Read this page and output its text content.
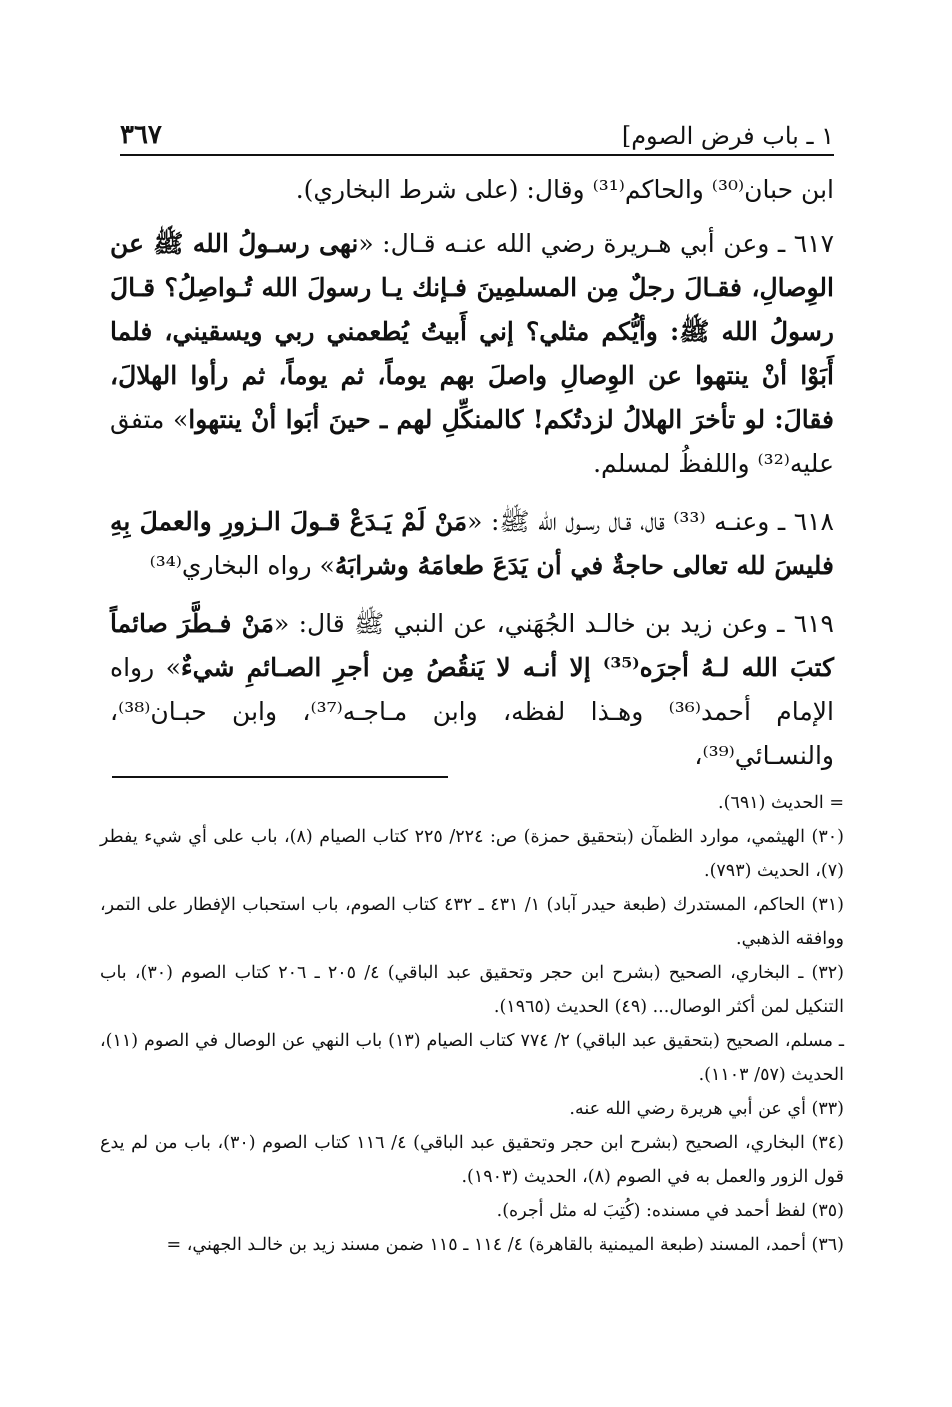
١ ـ باب فرض الصوم]
٣٦٧

ابن حبان⁽³⁰⁾ والحاكم⁽³¹⁾ وقال: (على شرط البخاري).

٦١٧ ـ وعن أبي هـريرة رضي الله عنـه قـال: «نهى رسـولُ الله ﷺ عن الوِصالِ، فقـالَ رجلٌ مِن المسلمِينَ فـإنك يـا رسولَ الله تُـواصِلُ؟ قـالَ رسولُ الله ﷺ: وأيُّكم مثلي؟ إني أَبيتُ يُطعمني ربي ويسقيني، فلما أَبَوْا أنْ ينتهوا عن الوِصالِ واصلَ بهم يوماً، ثم يوماً، ثم رأوا الهلالَ، فقالَ: لو تأخرَ الهلالُ لزدتُكم! كالمنكِّلِ لهم ـ حينَ أبَوا أنْ ينتهوا» متفق عليه⁽³²⁾ واللفظُ لمسلم.

٦١٨ ـ وعنـه ⁽³³⁾ قال، قـال رسـول الله ﷺ: «مَنْ لَمْ يَـدَعْ قـولَ الـزورِ والعملَ بِهِ فليسَ لله تعالى حاجةٌ في أن يَدَعَ طعامَهُ وشرابَهُ» رواه البخاري⁽³⁴⁾

٦١٩ ـ وعن زيد بن خالـد الجُهَني، عن النبي ﷺ قال: «مَنْ فـطَّرَ صائماً كتبَ الله لـهُ أجرَه⁽³⁵⁾ إلا أنـه لا يَنقُصُ مِن أجرِ الصـائمِ شيءٌ» رواه الإمام أحمد⁽³⁶⁾ وهـذا لفظه، وابن مـاجـه⁽³⁷⁾، وابن حبـان⁽³⁸⁾، والنسـائي⁽³⁹⁾،

= الحديث (٦٩١).

(٣٠) الهيثمي، موارد الظمآن (بتحقيق حمزة) ص: ٢٢٤/ ٢٢٥ كتاب الصيام (٨)، باب على أي شيء يفطر (٧)، الحديث (٧٩٣).

(٣١) الحاكم، المستدرك (طبعة حيدر آباد) ١/ ٤٣١ ـ ٤٣٢ كتاب الصوم، باب استحباب الإفطار على التمر، ووافقه الذهبي.

(٣٢) ـ البخاري، الصحيح (بشرح ابن حجر وتحقيق عبد الباقي) ٤/ ٢٠٥ ـ ٢٠٦ كتاب الصوم (٣٠)، باب التنكيل لمن أكثر الوصال... (٤٩) الحديث (١٩٦٥).

ـ مسلم، الصحيح (بتحقيق عبد الباقي) ٢/ ٧٧٤ كتاب الصيام (١٣) باب النهي عن الوصال في الصوم (١١)، الحديث (٥٧/ ١١٠٣).

(٣٣) أي عن أبي هريرة رضي الله عنه.

(٣٤) البخاري، الصحيح (بشرح ابن حجر وتحقيق عبد الباقي) ٤/ ١١٦ كتاب الصوم (٣٠)، باب من لم يدع قول الزور والعمل به في الصوم (٨)، الحديث (١٩٠٣).

(٣٥) لفظ أحمد في مسنده: (كُتِبَ له مثل أجره).

(٣٦) أحمد، المسند (طبعة الميمنية بالقاهرة) ٤/ ١١٤ ـ ١١٥ ضمن مسند زيد بن خالـد الجهني، =
